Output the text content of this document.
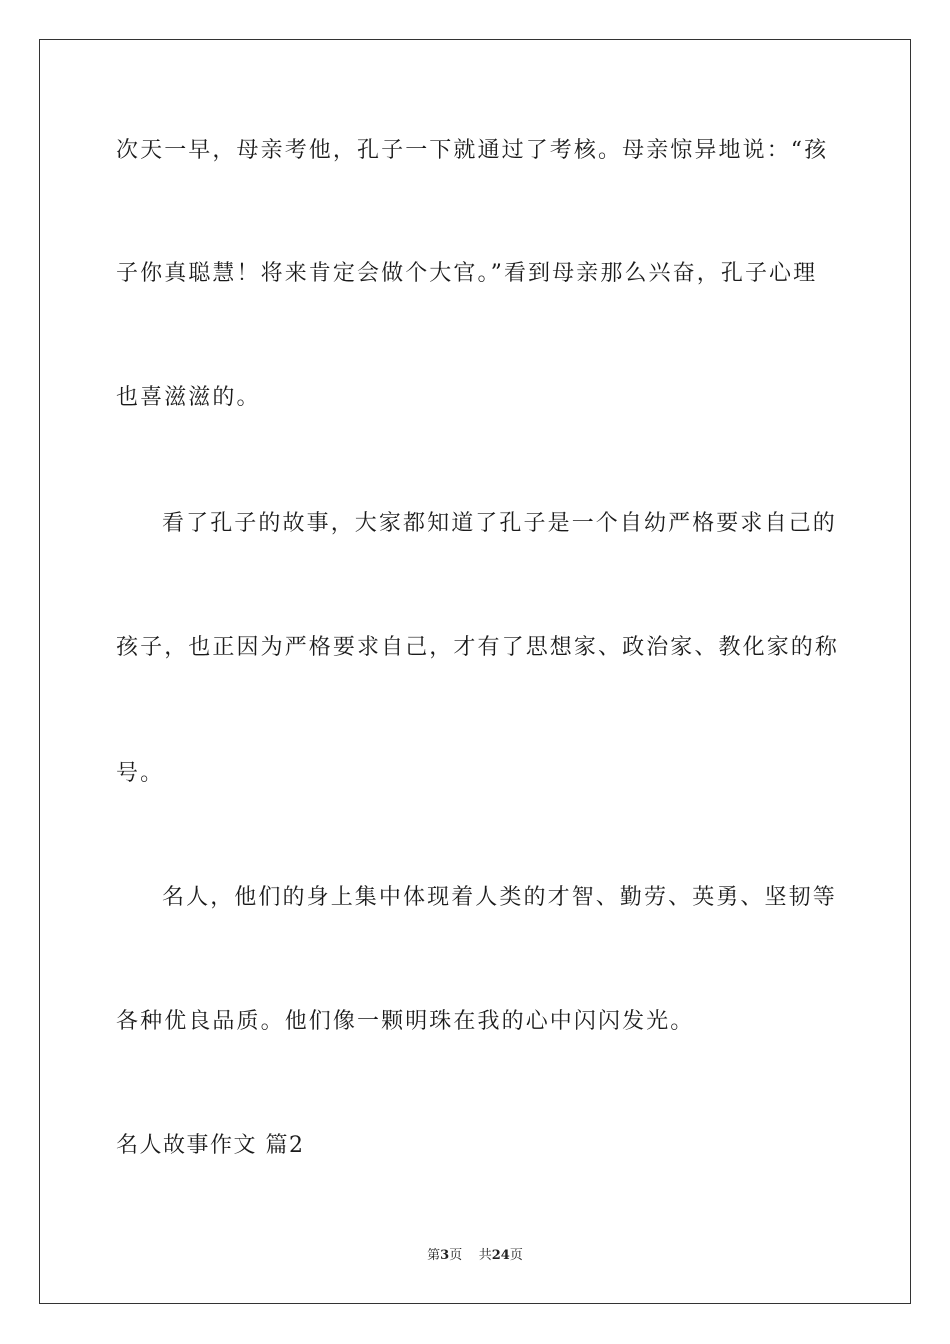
次天一早，母亲考他，孔子一下就通过了考核。母亲惊异地说：“孩
子你真聪慧！将来肯定会做个大官。”看到母亲那么兴奋，孔子心理
也喜滋滋的。
看了孔子的故事，大家都知道了孔子是一个自幼严格要求自己的
孩子，也正因为严格要求自己，才有了思想家、政治家、教化家的称
号。
名人，他们的身上集中体现着人类的才智、勤劳、英勇、坚韧等
各种优良品质。他们像一颗明珠在我的心中闪闪发光。
名人故事作文 篇2
第3页 共24页
